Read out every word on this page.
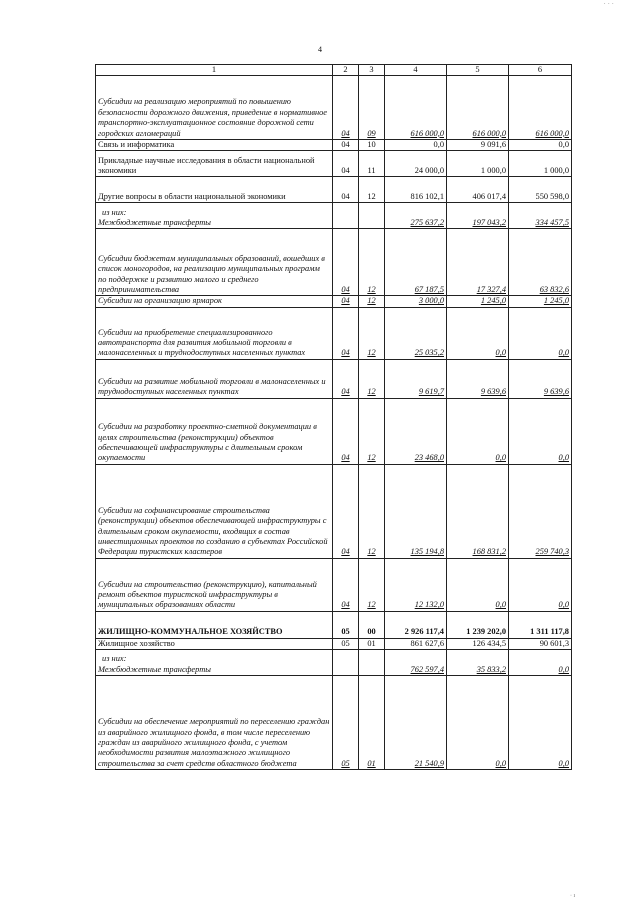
· · ·
4
1	2	3	4	5	6
Субсидии на реализацию мероприятий по повышению безопасности дорожного движения, приведение в нормативное транспортно-эксплуатационное состояние дорожной сети городских агломераций	04	09	616 000,0	616 000,0	616 000,0
Связь и информатика	04	10	0,0	9 091,6	0,0
Прикладные научные исследования в области национальной экономики	04	11	24 000,0	1 000,0	1 000,0
Другие вопросы в области национальной экономики	04	12	816 102,1	406 017,4	550 598,0

из них:
Межбюджетные трансферты			275 637,2	197 043,2	334 457,5
Субсидии бюджетам муниципальных образований, вошедших в список моногородов, на реализацию муниципальных программ по поддержке и развитию малого и среднего предпринимательства	04	12	67 187,5	17 327,4	63 832,6
Субсидии на организацию ярмарок	04	12	3 000,0	1 245,0	1 245,0
Субсидии на приобретение специализированного автотранспорта для развития мобильной торговли в малонаселенных и труднодоступных населенных пунктах	04	12	25 035,2	0,0	0,0
Субсидии на развитие мобильной торговли в малонаселенных и труднодоступных населенных пунктах	04	12	9 619,7	9 639,6	9 639,6
Субсидии на разработку проектно-сметной документации в целях строительства (реконструкции) объектов обеспечивающей инфраструктуры с длительным сроком окупаемости	04	12	23 468,0	0,0	0,0
Субсидии на софинансирование строительства (реконструкции) объектов обеспечивающей инфраструктуры с длительным сроком окупаемости, входящих в состав инвестиционных проектов по созданию в субъектах Российской Федерации туристских кластеров	04	12	135 194,8	168 831,2	259 740,3
Субсидии на строительство (реконструкцию), капитальный ремонт объектов туристской инфраструктуры в муниципальных образованиях области	04	12	12 132,0	0,0	0,0
ЖИЛИЩНО-КОММУНАЛЬНОЕ ХОЗЯЙСТВО	05	00	2 926 117,4	1 239 202,0	1 311 117,8
Жилищное хозяйство	05	01	861 627,6	126 434,5	90 601,3

из них:
Межбюджетные трансферты			762 597,4	35 833,2	0,0
Субсидии на обеспечение мероприятий по переселению граждан из аварийного жилищного фонда, в том числе переселению граждан из аварийного жилищного фонда, с учетом необходимости развития малоэтажного жилищного строительства за счет средств областного бюджета	05	01	21 540,9	0,0	0,0
· ı
